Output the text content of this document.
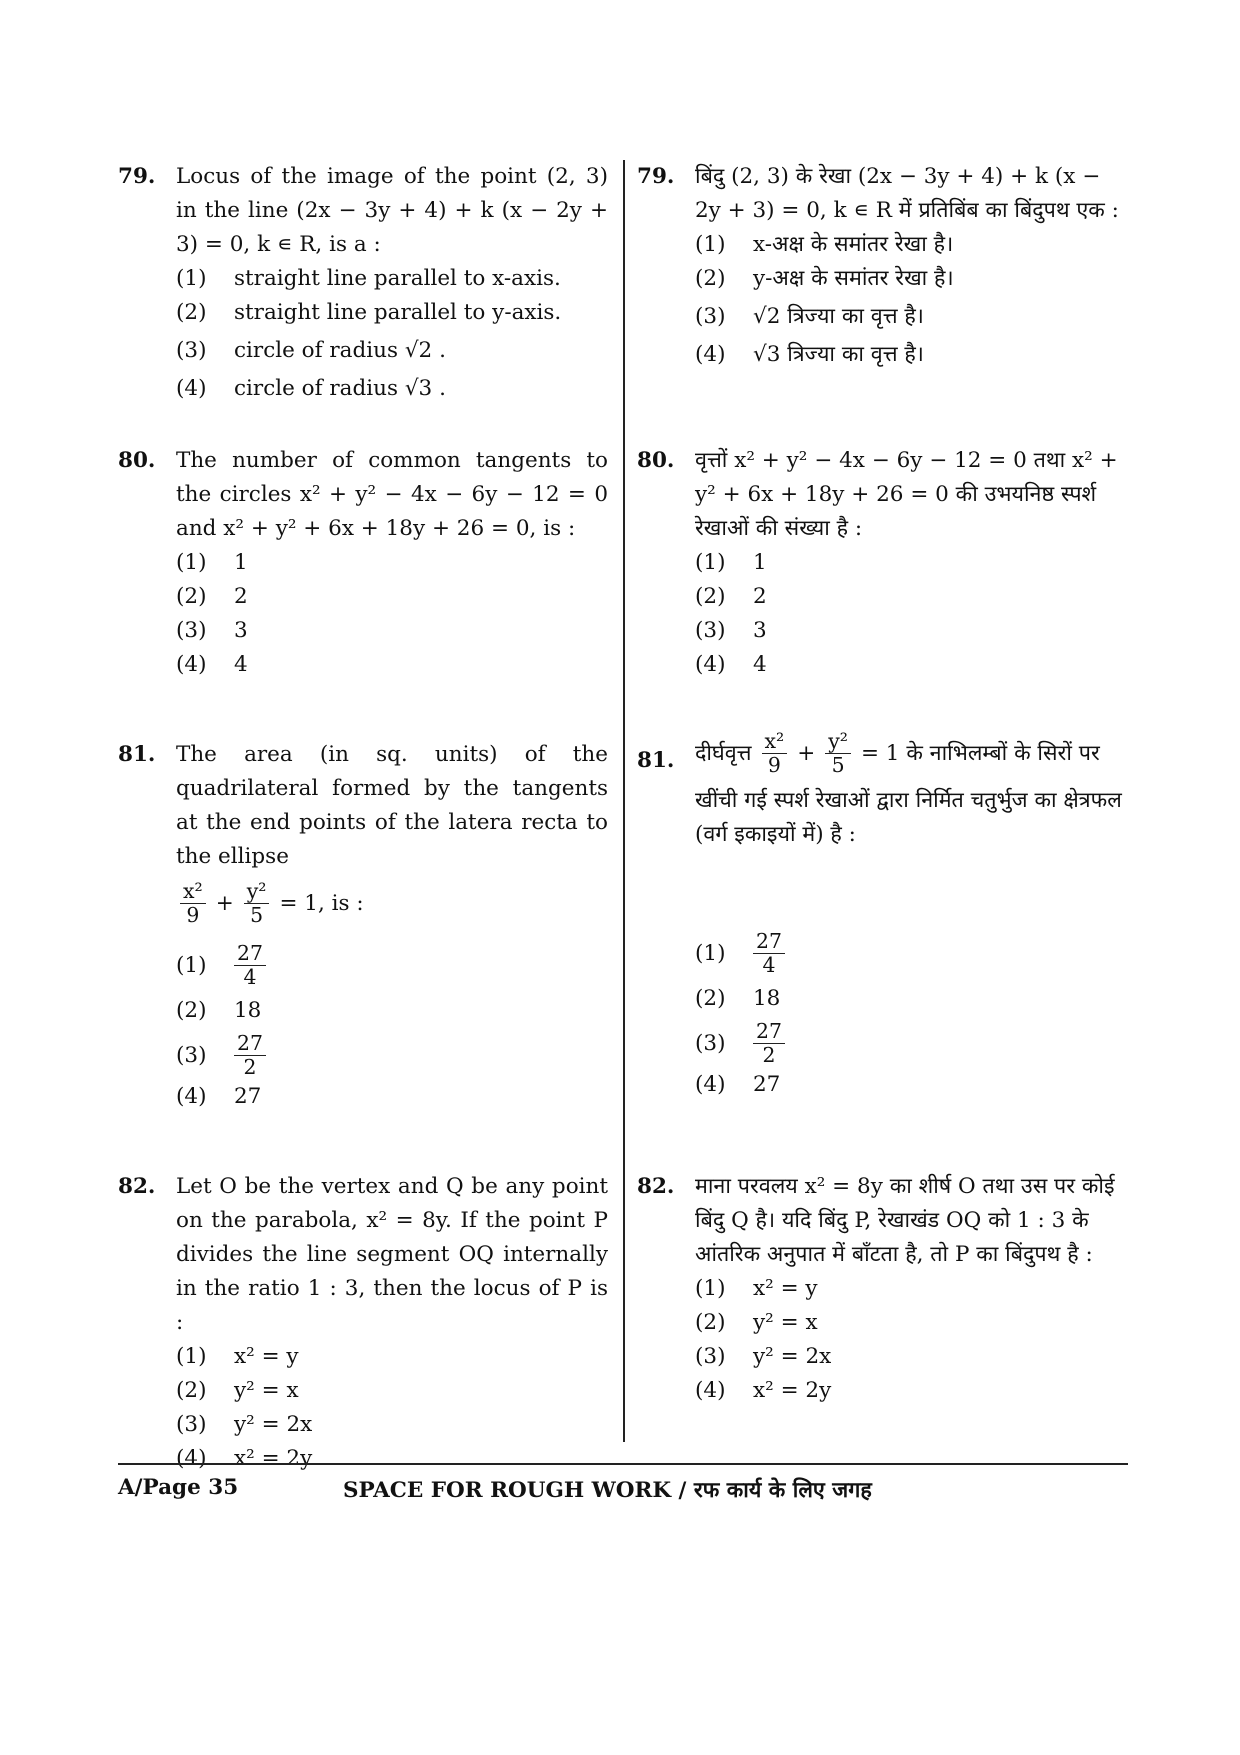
79. Locus of the image of the point (2, 3) in the line (2x − 3y + 4) + k (x − 2y + 3) = 0, k ∊ R, is a :

(1)	straight line parallel to x-axis.
(2)	straight line parallel to y-axis.
(3)	circle of radius √2 .
(4)	circle of radius √3 .
80. The number of common tangents to the circles x² + y² − 4x − 6y − 12 = 0 and x² + y² + 6x + 18y + 26 = 0, is :

(1)	1
(2)	2
(3)	3
(4)	4
81. The area (in sq. units) of the quadrilateral formed by the tangents at the end points of the latera recta to the ellipse

$\frac{\text{x²}}{9} + \frac{\text{y²}}{5} = 1$, is :
(1)	$\frac{27}{4}$
(2)	18
(3)	$\frac{27}{2}$
(4)	27
82. Let O be the vertex and Q be any point on the parabola, x² = 8y. If the point P divides the line segment OQ internally in the ratio 1 : 3, then the locus of P is :

(1)	x² = y
(2)	y² = x
(3)	y² = 2x
(4)	x² = 2y
79. बिंदु (2, 3) के रेखा (2x − 3y + 4) + k (x − 2y + 3) = 0, k ∊ R में प्रतिबिंब का बिंदुपथ एक :

(1)	x-अक्ष के समांतर रेखा है।
(2)	y-अक्ष के समांतर रेखा है।
(3)	√2 त्रिज्या का वृत्त है।
(4)	√3 त्रिज्या का वृत्त है।
80. वृत्तों x² + y² − 4x − 6y − 12 = 0 तथा x² + y² + 6x + 18y + 26 = 0 की उभयनिष्ठ स्पर्श रेखाओं की संख्या है :

(1)	1
(2)	2
(3)	3
(4)	4
81. दीर्घवृत्त $\frac{\text{x²}}{9} + \frac{\text{y²}}{5} = 1$ के नाभिलम्बों के सिरों पर

खींची गई स्पर्श रेखाओं द्वारा निर्मित चतुर्भुज का क्षेत्रफल (वर्ग इकाइयों में) है :

(1)	$\frac{27}{4}$
(2)	18
(3)	$\frac{27}{2}$
(4)	27
82. माना परवलय x² = 8y का शीर्ष O तथा उस पर कोई बिंदु Q है। यदि बिंदु P, रेखाखंड OQ को 1 : 3 के आंतरिक अनुपात में बाँटता है, तो P का बिंदुपथ है :

(1)	x² = y
(2)	y² = x
(3)	y² = 2x
(4)	x² = 2y
A/Page 35	SPACE FOR ROUGH WORK / रफ कार्य के लिए जगह
